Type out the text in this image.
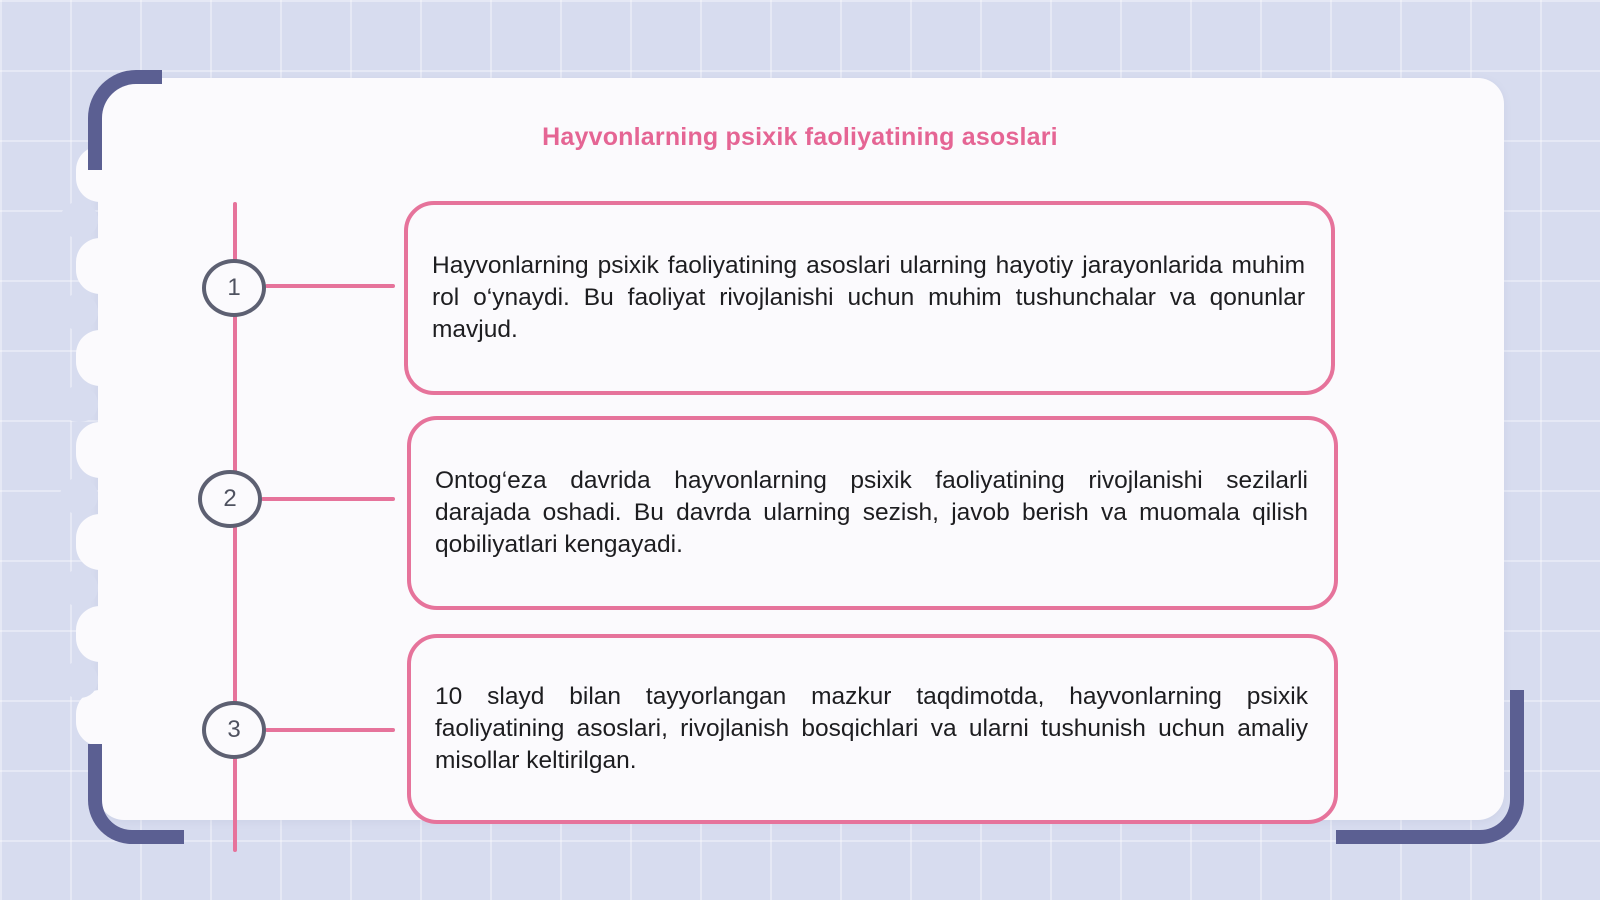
Hayvonlarning psixik faoliyatining asoslari
1

Hayvonlarning psixik faoliyatining asoslari ularning hayotiy jarayonlarida muhim rol o‘ynaydi. Bu faoliyat rivojlanishi uchun muhim tushunchalar va qonunlar mavjud.

2

Ontog‘eza davrida hayvonlarning psixik faoliyatining rivojlanishi sezilarli darajada oshadi. Bu davrda ularning sezish, javob berish va muomala qilish qobiliyatlari kengayadi.

3

10 slayd bilan tayyorlangan mazkur taqdimotda, hayvonlarning psixik faoliyatining asoslari, rivojlanish bosqichlari va ularni tushunish uchun amaliy misollar keltirilgan.
